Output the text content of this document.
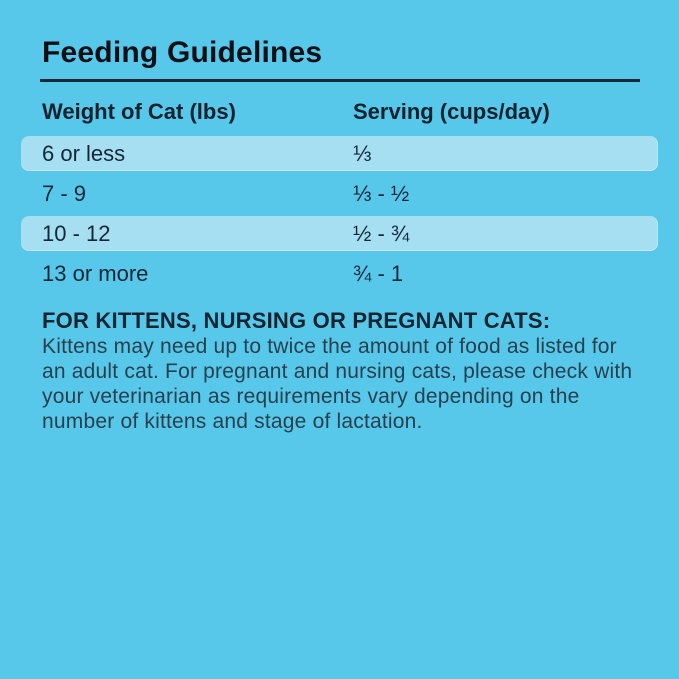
Feeding Guidelines
Weight of Cat (lbs)	Serving (cups/day)
6 or less	⅓
7 - 9	⅓ - ½
10 - 12	½ - ¾
13 or more	¾ - 1
FOR KITTENS, NURSING OR PREGNANT CATS:
Kittens may need up to twice the amount of food as listed for an adult cat. For pregnant and nursing cats, please check with your veterinarian as requirements vary depending on the number of kittens and stage of lactation.
